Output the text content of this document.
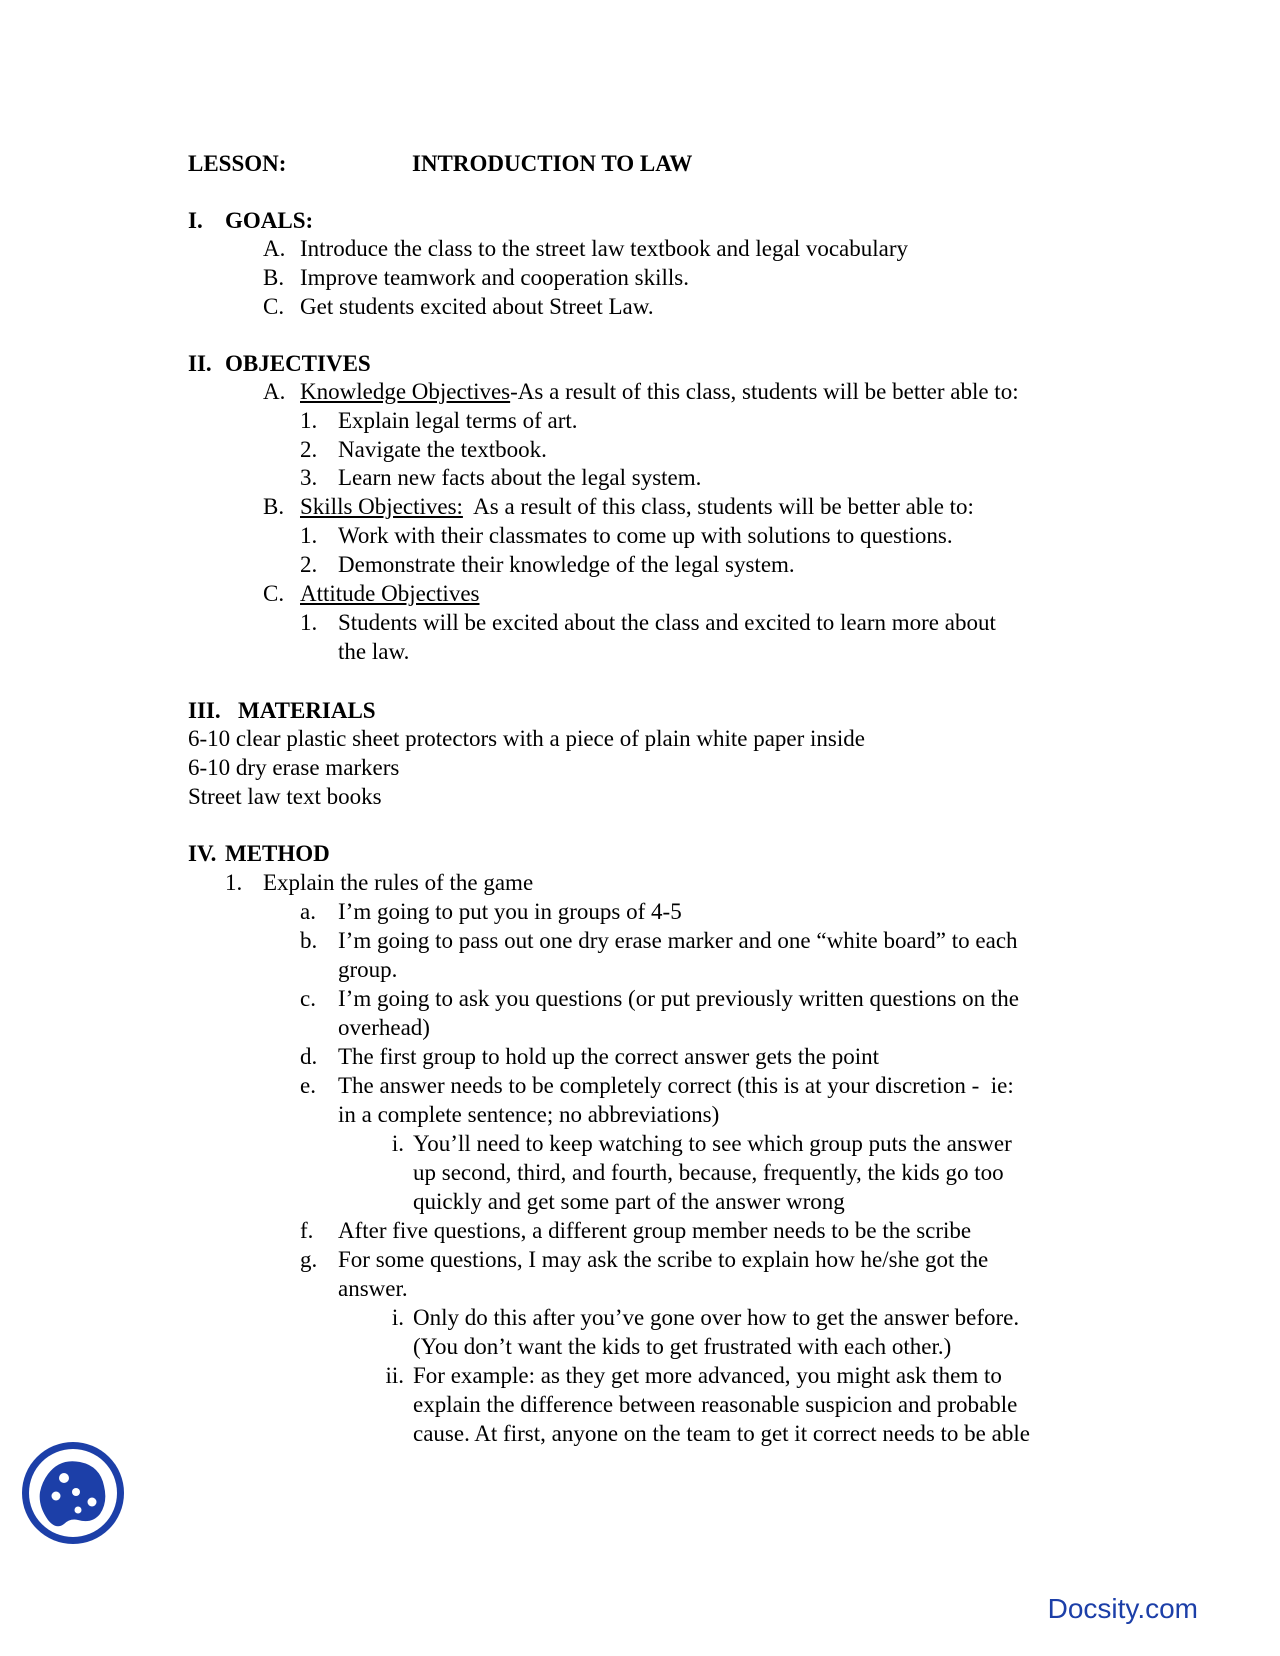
LESSON:	INTRODUCTION TO LAW

I. GOALS:

A. Introduce the class to the street law textbook and legal vocabulary

B. Improve teamwork and cooperation skills.

C. Get students excited about Street Law.

II. OBJECTIVES

A. Knowledge Objectives-As a result of this class, students will be better able to:

1. Explain legal terms of art.

2. Navigate the textbook.

3. Learn new facts about the legal system.

B. Skills Objectives:  As a result of this class, students will be better able to:

1. Work with their classmates to come up with solutions to questions.

2. Demonstrate their knowledge of the legal system.

C. Attitude Objectives

1. Students will be excited about the class and excited to learn more about

the law.

III. MATERIALS

6-10 clear plastic sheet protectors with a piece of plain white paper inside

6-10 dry erase markers

Street law text books

IV. METHOD

1. Explain the rules of the game

a. I’m going to put you in groups of 4-5

b. I’m going to pass out one dry erase marker and one “white board” to each

group.

c. I’m going to ask you questions (or put previously written questions on the

overhead)

d. The first group to hold up the correct answer gets the point

e. The answer needs to be completely correct (this is at your discretion -  ie:

in a complete sentence; no abbreviations)

i. You’ll need to keep watching to see which group puts the answer

up second, third, and fourth, because, frequently, the kids go too

quickly and get some part of the answer wrong

f. After five questions, a different group member needs to be the scribe

g. For some questions, I may ask the scribe to explain how he/she got the

answer.

i. Only do this after you’ve gone over how to get the answer before.

(You don’t want the kids to get frustrated with each other.)

ii. For example: as they get more advanced, you might ask them to

explain the difference between reasonable suspicion and probable

cause. At first, anyone on the team to get it correct needs to be able

Docsity.com
